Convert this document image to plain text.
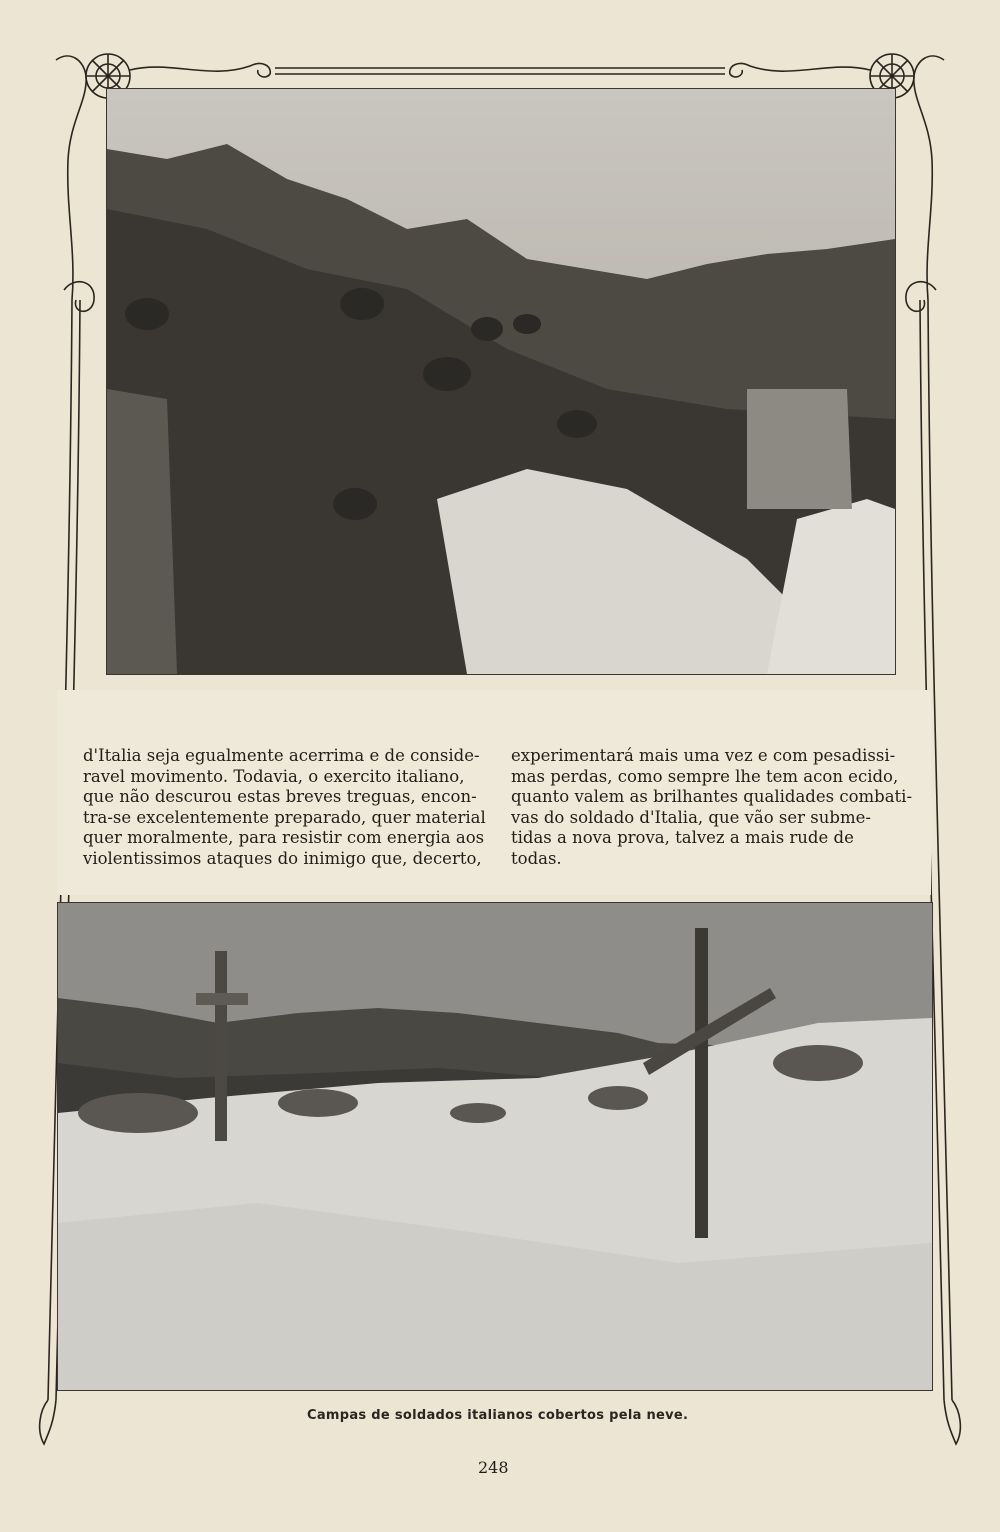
d'Italia seja egualmente acerrima e de conside-

ravel movimento. Todavia, o exercito italiano,

que não descurou estas breves treguas, encon-

tra-se excelentemente preparado, quer material

quer moralmente, para resistir com energia aos

violentissimos ataques do inimigo que, decerto,

experimentará mais uma vez e com pesadissi-

mas perdas, como sempre lhe tem acon ecido,

quanto valem as brilhantes qualidades combati-

vas do soldado d'Italia, que vão ser subme-

tidas a nova prova, talvez a mais rude de

todas.

Campas de soldados italianos cobertos pela neve.
248
